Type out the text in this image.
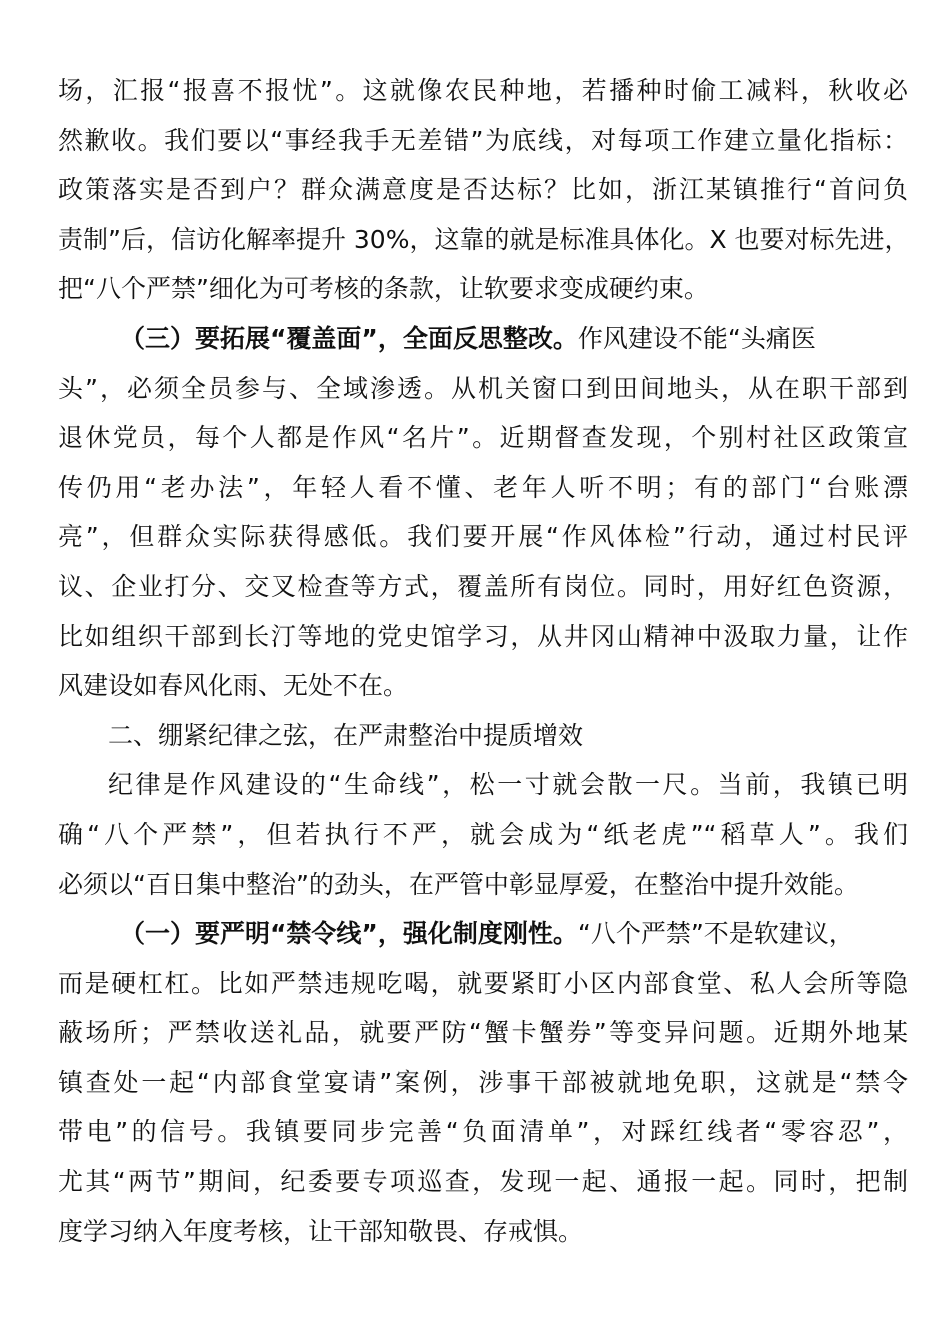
场，汇报“报喜不报忧”。这就像农民种地，若播种时偷工减料，秋收必
然歉收。我们要以“事经我手无差错”为底线，对每项工作建立量化指标：
政策落实是否到户？群众满意度是否达标？比如，浙江某镇推行“首问负
责制”后，信访化解率提升 30%，这靠的就是标准具体化。X 也要对标先进，
把“八个严禁”细化为可考核的条款，让软要求变成硬约束。
（三）要拓展“覆盖面”，全面反思整改。作风建设不能“头痛医
头”，必须全员参与、全域渗透。从机关窗口到田间地头，从在职干部到
退休党员，每个人都是作风“名片”。近期督查发现，个别村社区政策宣
传仍用“老办法”，年轻人看不懂、老年人听不明；有的部门“台账漂
亮”，但群众实际获得感低。我们要开展“作风体检”行动，通过村民评
议、企业打分、交叉检查等方式，覆盖所有岗位。同时，用好红色资源，
比如组织干部到长汀等地的党史馆学习，从井冈山精神中汲取力量，让作
风建设如春风化雨、无处不在。
二、绷紧纪律之弦，在严肃整治中提质增效
纪律是作风建设的“生命线”，松一寸就会散一尺。当前，我镇已明
确“八个严禁”，但若执行不严，就会成为“纸老虎”“稻草人”。我们
必须以“百日集中整治”的劲头，在严管中彰显厚爱，在整治中提升效能。
（一）要严明“禁令线”，强化制度刚性。“八个严禁”不是软建议，
而是硬杠杠。比如严禁违规吃喝，就要紧盯小区内部食堂、私人会所等隐
蔽场所；严禁收送礼品，就要严防“蟹卡蟹券”等变异问题。近期外地某
镇查处一起“内部食堂宴请”案例，涉事干部被就地免职，这就是“禁令
带电”的信号。我镇要同步完善“负面清单”，对踩红线者“零容忍”，
尤其“两节”期间，纪委要专项巡查，发现一起、通报一起。同时，把制
度学习纳入年度考核，让干部知敬畏、存戒惧。
